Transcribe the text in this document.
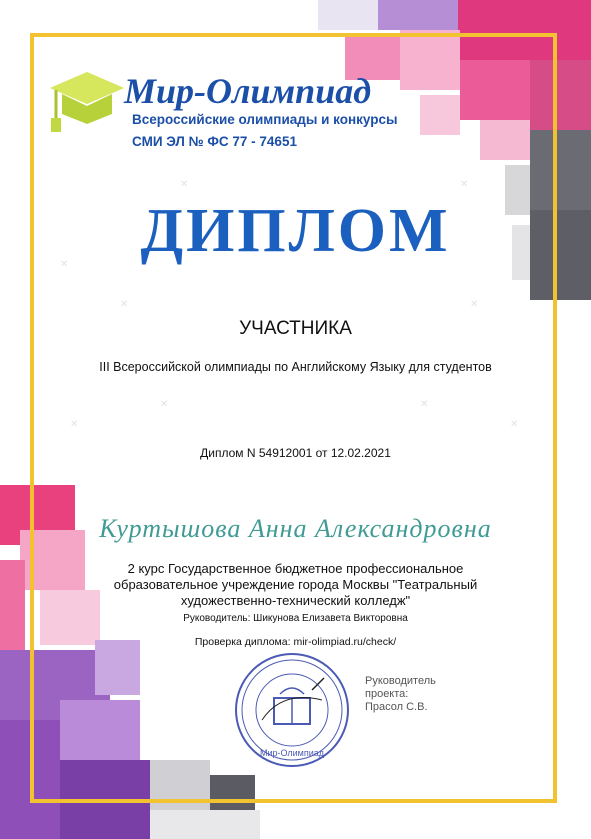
✕
✕	✕
✕
✕
✕	✕
✕	✕
Мир-Олимпиад
Всероссийские олимпиады и конкурсы
СМИ ЭЛ № ФС 77 - 74651
ДИПЛОМ
УЧАСТНИКА
III Всероссийской олимпиады по Английскому Языку для студентов
Диплом N 54912001 от 12.02.2021
Куртышова Анна Александровна
2 курс Государственное бюджетное профессиональное образовательное учреждение города Москвы "Театральный художественно-технический колледж"
Руководитель: Шикунова Елизавета Викторовна
Проверка диплома: mir-olimpiad.ru/check/
Мир-Олимпиад
Руководитель
проекта:
Прасол С.В.
